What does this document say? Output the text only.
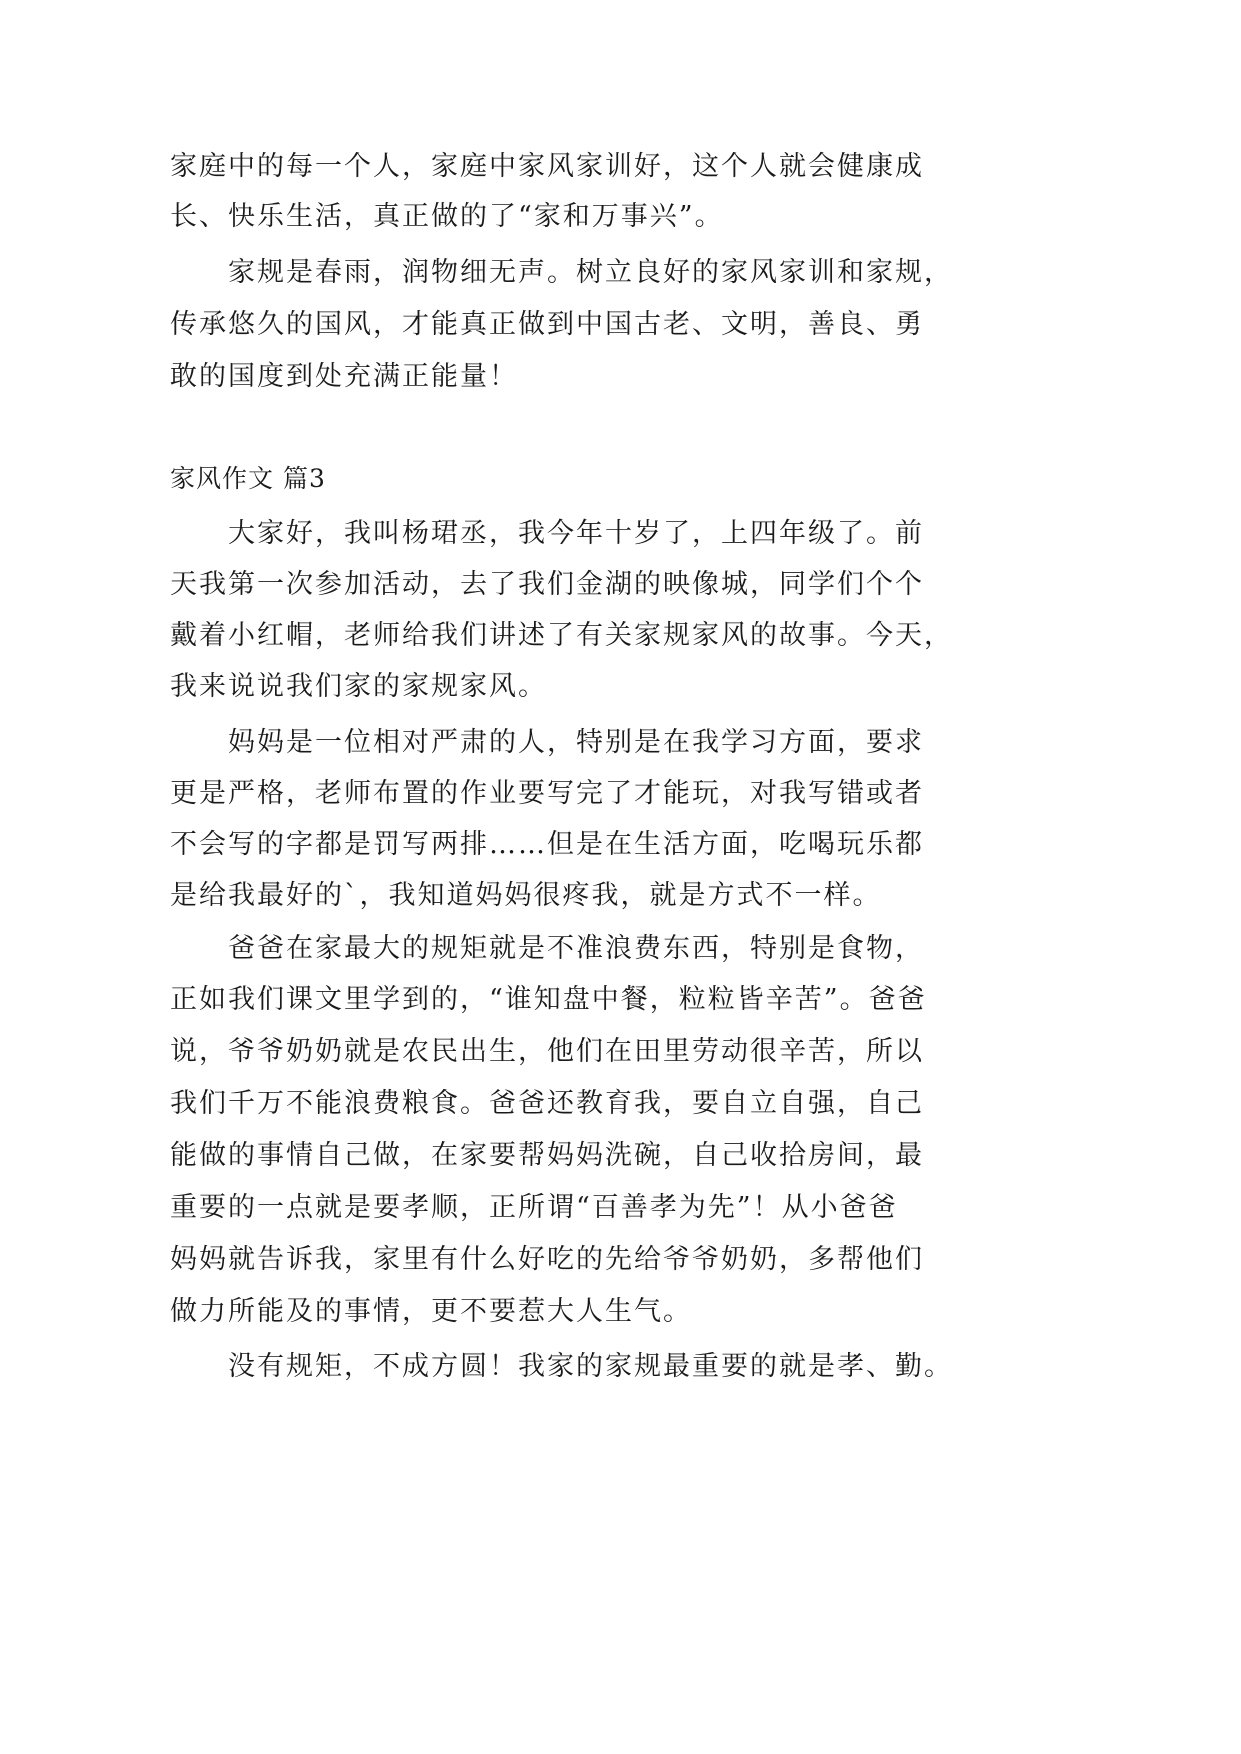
家庭中的每一个人，家庭中家风家训好，这个人就会健康成
长、快乐生活，真正做的了“家和万事兴”。
家规是春雨，润物细无声。树立良好的家风家训和家规，
传承悠久的国风，才能真正做到中国古老、文明，善良、勇
敢的国度到处充满正能量！
家风作文 篇3
大家好，我叫杨珺丞，我今年十岁了，上四年级了。前
天我第一次参加活动，去了我们金湖的映像城，同学们个个
戴着小红帽，老师给我们讲述了有关家规家风的故事。今天，
我来说说我们家的家规家风。
妈妈是一位相对严肃的人，特别是在我学习方面，要求
更是严格，老师布置的作业要写完了才能玩，对我写错或者
不会写的字都是罚写两排……但是在生活方面，吃喝玩乐都
是给我最好的`，我知道妈妈很疼我，就是方式不一样。
爸爸在家最大的规矩就是不准浪费东西，特别是食物，
正如我们课文里学到的，“谁知盘中餐，粒粒皆辛苦”。爸爸
说，爷爷奶奶就是农民出生，他们在田里劳动很辛苦，所以
我们千万不能浪费粮食。爸爸还教育我，要自立自强，自己
能做的事情自己做，在家要帮妈妈洗碗，自己收拾房间，最
重要的一点就是要孝顺，正所谓“百善孝为先”！从小爸爸
妈妈就告诉我，家里有什么好吃的先给爷爷奶奶，多帮他们
做力所能及的事情，更不要惹大人生气。
没有规矩，不成方圆！我家的家规最重要的就是孝、勤。
